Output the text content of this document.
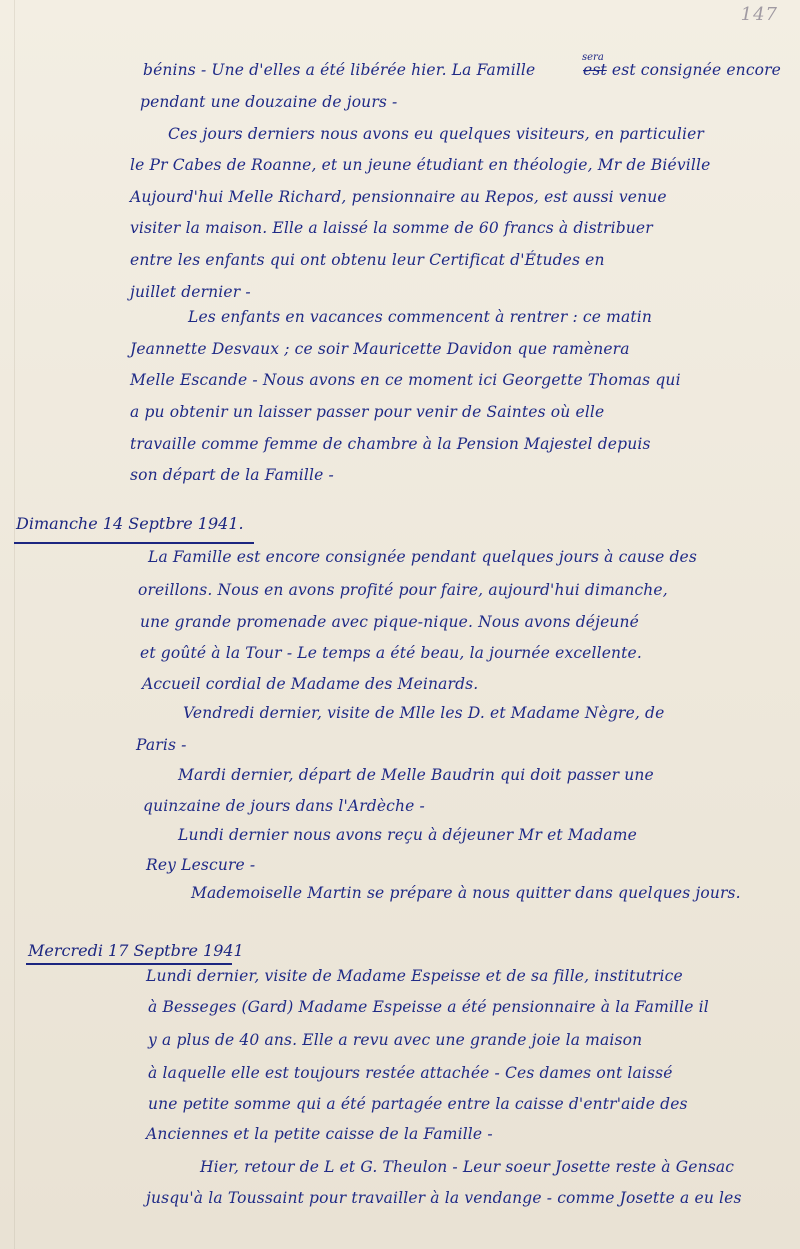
147
sera
bénins - Une d'elles a été libérée hier. La Famille	est est consignée encore
pendant une douzaine de jours -
Ces jours derniers nous avons eu quelques visiteurs, en particulier
le Pr Cabes de Roanne, et un jeune étudiant en théologie, Mr de Biéville
Aujourd'hui Melle Richard, pensionnaire au Repos, est aussi venue
visiter la maison. Elle a laissé la somme de 60 francs à distribuer
entre les enfants qui ont obtenu leur Certificat d'Études en
juillet dernier -
Les enfants en vacances commencent à rentrer : ce matin
Jeannette Desvaux ; ce soir Mauricette Davidon que ramènera
Melle Escande - Nous avons en ce moment ici Georgette Thomas qui
a pu obtenir un laisser passer pour venir de Saintes où elle
travaille comme femme de chambre à la Pension Majestel depuis
son départ de la Famille -
Dimanche 14 Septbre 1941.
La Famille est encore consignée pendant quelques jours à cause des
oreillons. Nous en avons profité pour faire, aujourd'hui dimanche,
une grande promenade avec pique-nique. Nous avons déjeuné
et goûté à la Tour - Le temps a été beau, la journée excellente.
Accueil cordial de Madame des Meinards.
Vendredi dernier, visite de Mlle les D. et Madame Nègre, de
Paris -
Mardi dernier, départ de Melle Baudrin qui doit passer une
quinzaine de jours dans l'Ardèche -
Lundi dernier nous avons reçu à déjeuner Mr et Madame
Rey Lescure -
Mademoiselle Martin se prépare à nous quitter dans quelques jours.
Mercredi 17 Septbre 1941
Lundi dernier, visite de Madame Espeisse et de sa fille, institutrice
à Besseges (Gard) Madame Espeisse a été pensionnaire à la Famille il
y a plus de 40 ans. Elle a revu avec une grande joie la maison
à laquelle elle est toujours restée attachée - Ces dames ont laissé
une petite somme qui a été partagée entre la caisse d'entr'aide des
Anciennes et la petite caisse de la Famille -
Hier, retour de L et G. Theulon - Leur soeur Josette reste à Gensac
jusqu'à la Toussaint pour travailler à la vendange - comme Josette a eu les
